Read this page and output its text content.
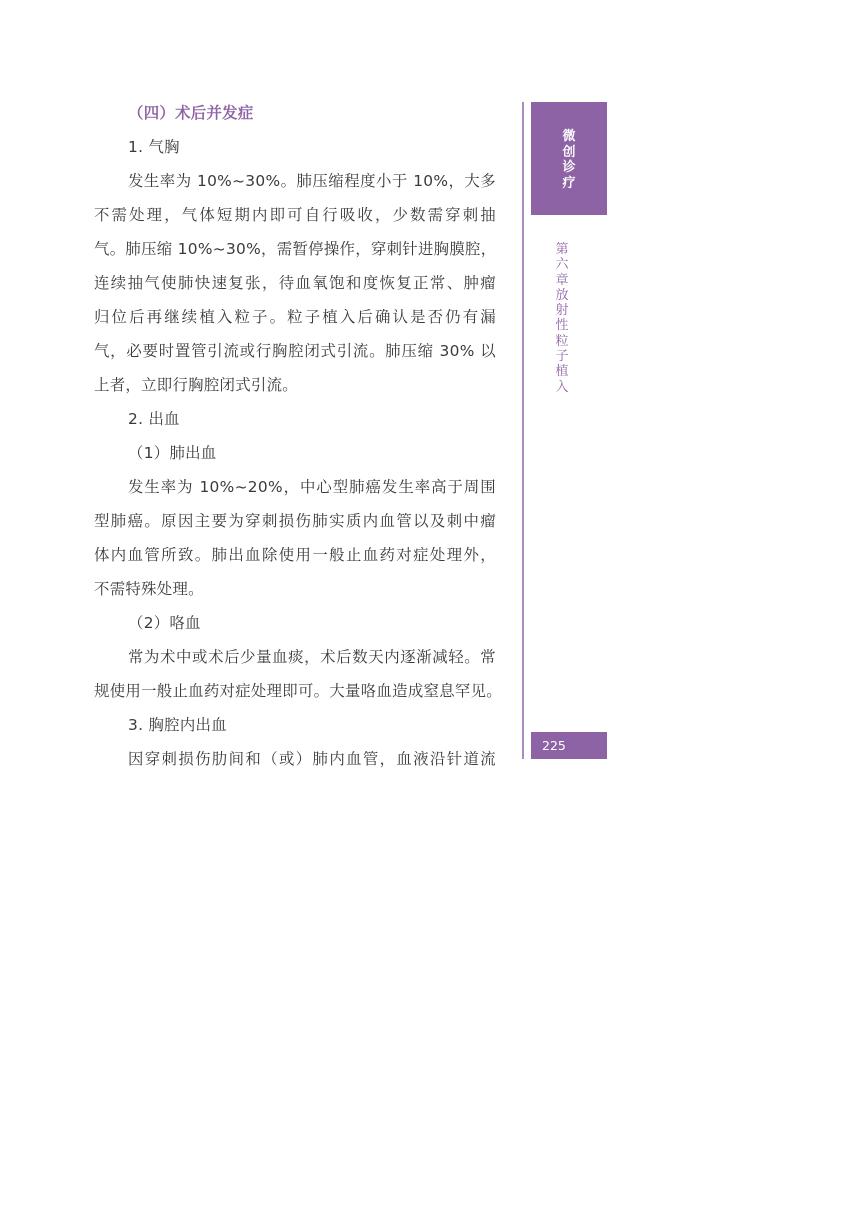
（四）术后并发症
1. 气胸
发生率为 10%~30%。肺压缩程度小于 10%，大多
不需处理，气体短期内即可自行吸收，少数需穿刺抽
气。肺压缩 10%~30%，需暂停操作，穿刺针进胸膜腔，
连续抽气使肺快速复张，待血氧饱和度恢复正常、肿瘤
归位后再继续植入粒子。粒子植入后确认是否仍有漏
气，必要时置管引流或行胸腔闭式引流。肺压缩 30% 以
上者，立即行胸腔闭式引流。
2. 出血
（1）肺出血
发生率为 10%~20%，中心型肺癌发生率高于周围
型肺癌。原因主要为穿刺损伤肺实质内血管以及刺中瘤
体内血管所致。肺出血除使用一般止血药对症处理外，
不需特殊处理。
（2）咯血
常为术中或术后少量血痰，术后数天内逐渐减轻。常
规使用一般止血药对症处理即可。大量咯血造成窒息罕见。
3. 胸腔内出血
因穿刺损伤肋间和（或）肺内血管，血液沿针道流
微创诊疗
第六章　放射性粒子植入
225
